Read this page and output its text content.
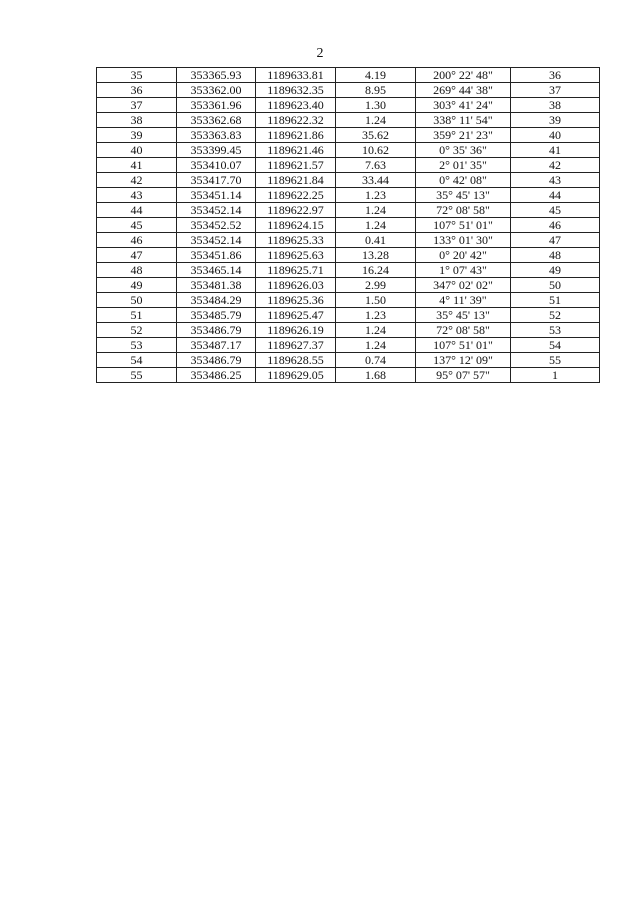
2
35	353365.93	1189633.81	4.19	200° 22' 48"	36
36	353362.00	1189632.35	8.95	269° 44' 38"	37
37	353361.96	1189623.40	1.30	303° 41' 24"	38
38	353362.68	1189622.32	1.24	338° 11' 54"	39
39	353363.83	1189621.86	35.62	359° 21' 23"	40
40	353399.45	1189621.46	10.62	0° 35' 36"	41
41	353410.07	1189621.57	7.63	2° 01' 35"	42
42	353417.70	1189621.84	33.44	0° 42' 08"	43
43	353451.14	1189622.25	1.23	35° 45' 13"	44
44	353452.14	1189622.97	1.24	72° 08' 58"	45
45	353452.52	1189624.15	1.24	107° 51' 01"	46
46	353452.14	1189625.33	0.41	133° 01' 30"	47
47	353451.86	1189625.63	13.28	0° 20' 42"	48
48	353465.14	1189625.71	16.24	1° 07' 43"	49
49	353481.38	1189626.03	2.99	347° 02' 02"	50
50	353484.29	1189625.36	1.50	4° 11' 39"	51
51	353485.79	1189625.47	1.23	35° 45' 13"	52
52	353486.79	1189626.19	1.24	72° 08' 58"	53
53	353487.17	1189627.37	1.24	107° 51' 01"	54
54	353486.79	1189628.55	0.74	137° 12' 09"	55
55	353486.25	1189629.05	1.68	95° 07' 57"	1
